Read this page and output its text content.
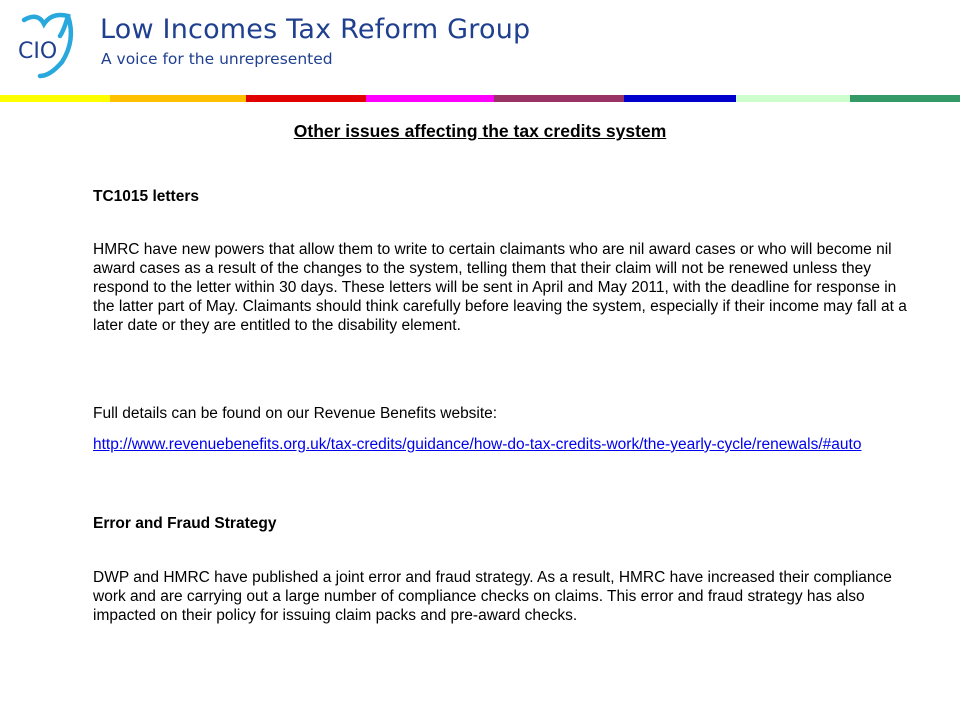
CIO
Low Incomes Tax Reform Group

A voice for the unrepresented

Other issues affecting the tax credits system
TC1015 letters

HMRC have new powers that allow them to write to certain claimants who are nil award cases or who will become nil award cases as a result of the changes to the system, telling them that their claim will not be renewed unless they respond to the letter within 30 days. These letters will be sent in April and May 2011, with the deadline for response in the latter part of May. Claimants should think carefully before leaving the system, especially if their income may fall at a later date or they are entitled to the disability element.

Full details can be found on our Revenue Benefits website:

http://www.revenuebenefits.org.uk/tax-credits/guidance/how-do-tax-credits-work/the-yearly-cycle/renewals/#auto

Error and Fraud Strategy

DWP and HMRC have published a joint error and fraud strategy. As a result, HMRC have increased their compliance work and are carrying out a large number of compliance checks on claims. This error and fraud strategy has also impacted on their policy for issuing claim packs and pre-award checks.
